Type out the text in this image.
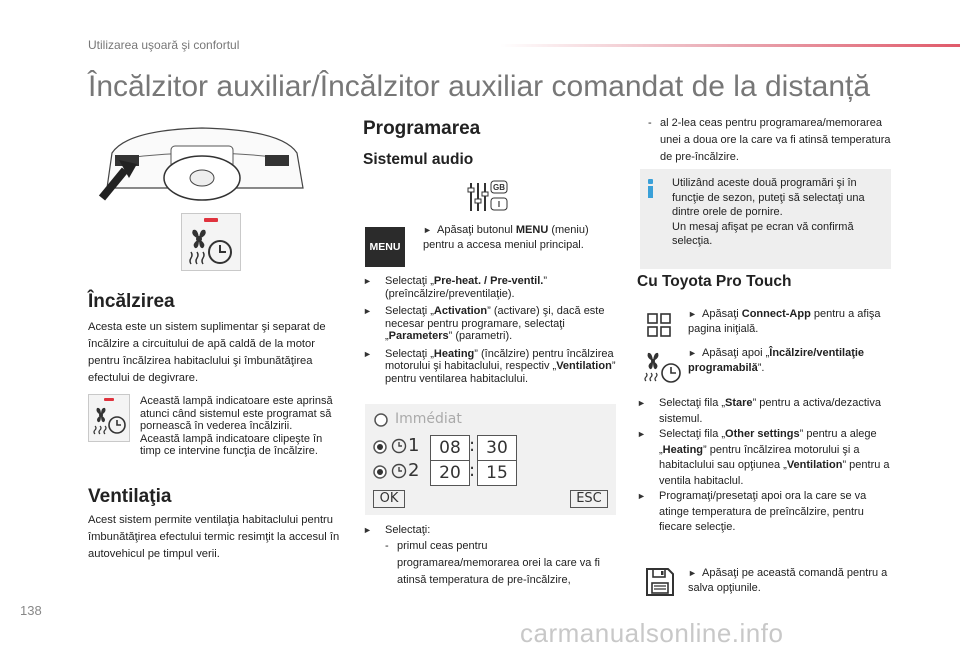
Utilizarea uşoară şi confortul
Încălzitor auxiliar/Încălzitor auxiliar comandat de la distanță
Încălzirea
Acesta este un sistem suplimentar şi separat de încălzire a circuitului de apă caldă de la motor pentru încălzirea habitaclului şi îmbunătăţirea efectului de degivrare.
Această lampă indicatoare este aprinsă atunci când sistemul este programat să pornească în vederea încălzirii.
Această lampă indicatoare clipeşte în timp ce intervine funcţia de încălzire.
Ventilaţia
Acest sistem permite ventilaţia habitaclului pentru îmbunătăţirea efectului termic resimţit la accesul în autovehicul pe timpul verii.
Programarea
Sistemul audio
GB
I
MENU
► Apăsaţi butonul MENU (meniu) pentru a accesa meniul principal.
►	Selectaţi „Pre-heat. / Pre-ventil.” (preîncălzire/preventilaţie).
►	Selectaţi „Activation” (activare) şi, dacă este necesar pentru programare, selectaţi „Parameters” (parametri).
►	Selectaţi „Heating” (încălzire) pentru încălzirea motorului şi habitaclului, respectiv „Ventilation” pentru ventilarea habitaclului.
Immédiat
1	08 : 30
2	20 : 15
OK	ESC
► Selectaţi:
- primul ceas pentru programarea/memorarea orei la care va fi atinsă temperatura de pre-încălzire,
- al 2-lea ceas pentru programarea/memorarea unei a doua ore la care va fi atinsă temperatura de pre-încălzire.
Utilizând aceste două programări şi în funcţie de sezon, puteţi să selectaţi una dintre orele de pornire.
Un mesaj afişat pe ecran vă confirmă selecţia.
Cu Toyota Pro Touch
► Apăsaţi Connect-App pentru a afişa pagina iniţială.
► Apăsaţi apoi „Încălzire/ventilaţie programabilă”.
►	Selectaţi fila „Stare” pentru a activa/dezactiva sistemul.
►	Selectaţi fila „Other settings” pentru a alege „Heating” pentru încălzirea motorului şi a habitaclului sau opţiunea „Ventilation” pentru a ventila habitaclul.
►	Programaţi/presetaţi apoi ora la care se va atinge temperatura de preîncălzire, pentru fiecare selecţie.
► Apăsaţi pe această comandă pentru a salva opţiunile.
138
carmanualsonline.info
